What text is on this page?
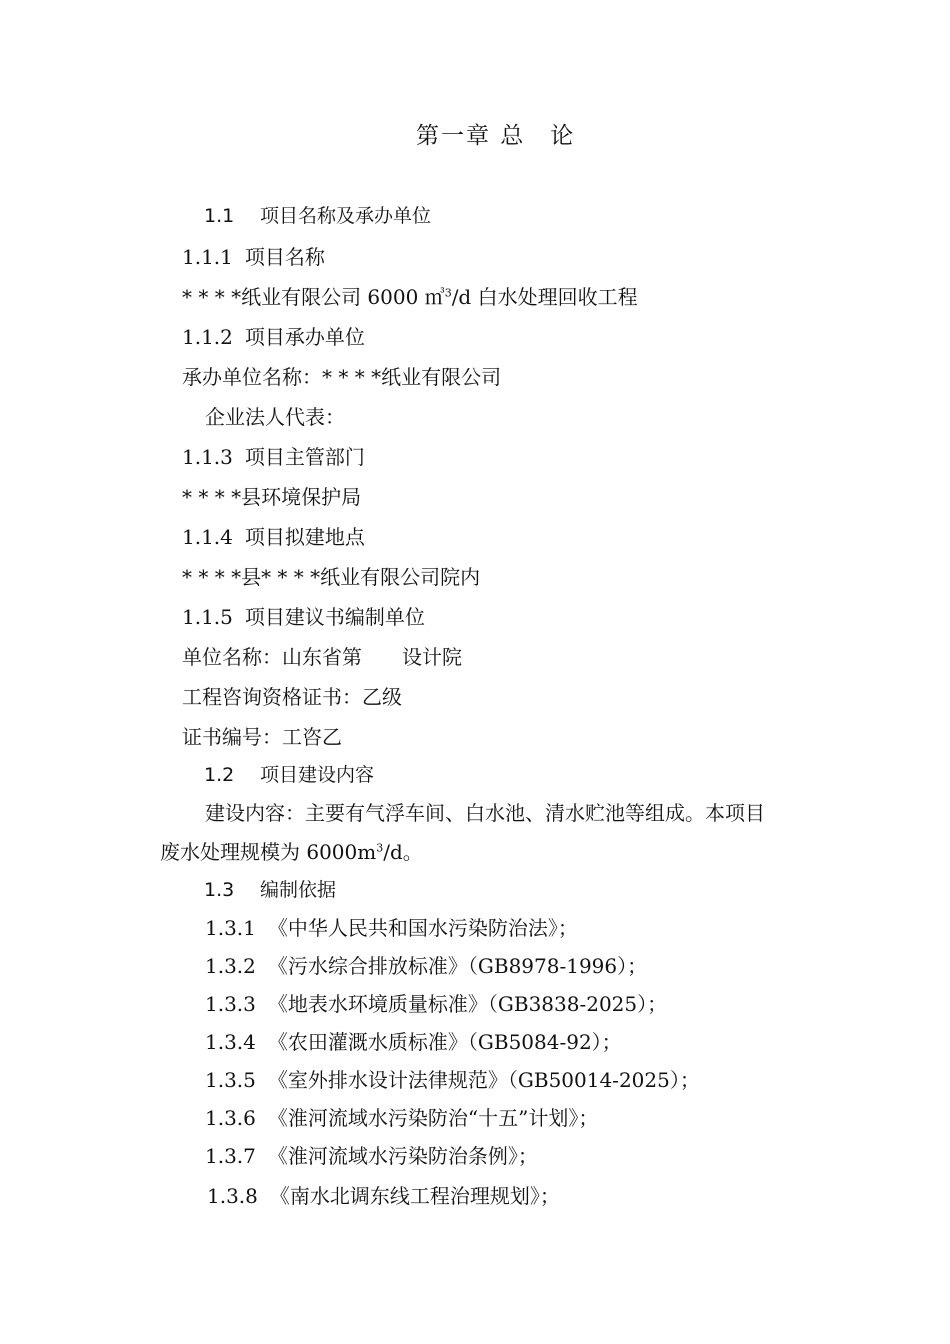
第一章 总　论
1.1 项目名称及承办单位
1.1.1 项目名称
* * * *纸业有限公司 6000 ㎥$^3$/d 白水处理回收工程
1.1.2 项目承办单位
承办单位名称：* * * *纸业有限公司
企业法人代表：
1.1.3 项目主管部门
* * * *县环境保护局
1.1.4 项目拟建地点
* * * *县* * * *纸业有限公司院内
1.1.5 项目建议书编制单位
单位名称：山东省第　　设计院
工程咨询资格证书：乙级
证书编号：工咨乙
1.2 项目建设内容
建设内容：主要有气浮车间、白水池、清水贮池等组成。本项目
废水处理规模为 $6000m^3/d$。
1.3 编制依据
1.3.1 《中华人民共和国水污染防治法》；
1.3.2 《污水综合排放标准》（GB8978-1996）；
1.3.3 《地表水环境质量标准》（GB3838-2025）；
1.3.4 《农田灌溉水质标准》（GB5084-92）；
1.3.5 《室外排水设计法律规范》（GB50014-2025）；
1.3.6 《淮河流域水污染防治“十五”计划》；
1.3.7 《淮河流域水污染防治条例》；
1.3.8 《南水北调东线工程治理规划》；
